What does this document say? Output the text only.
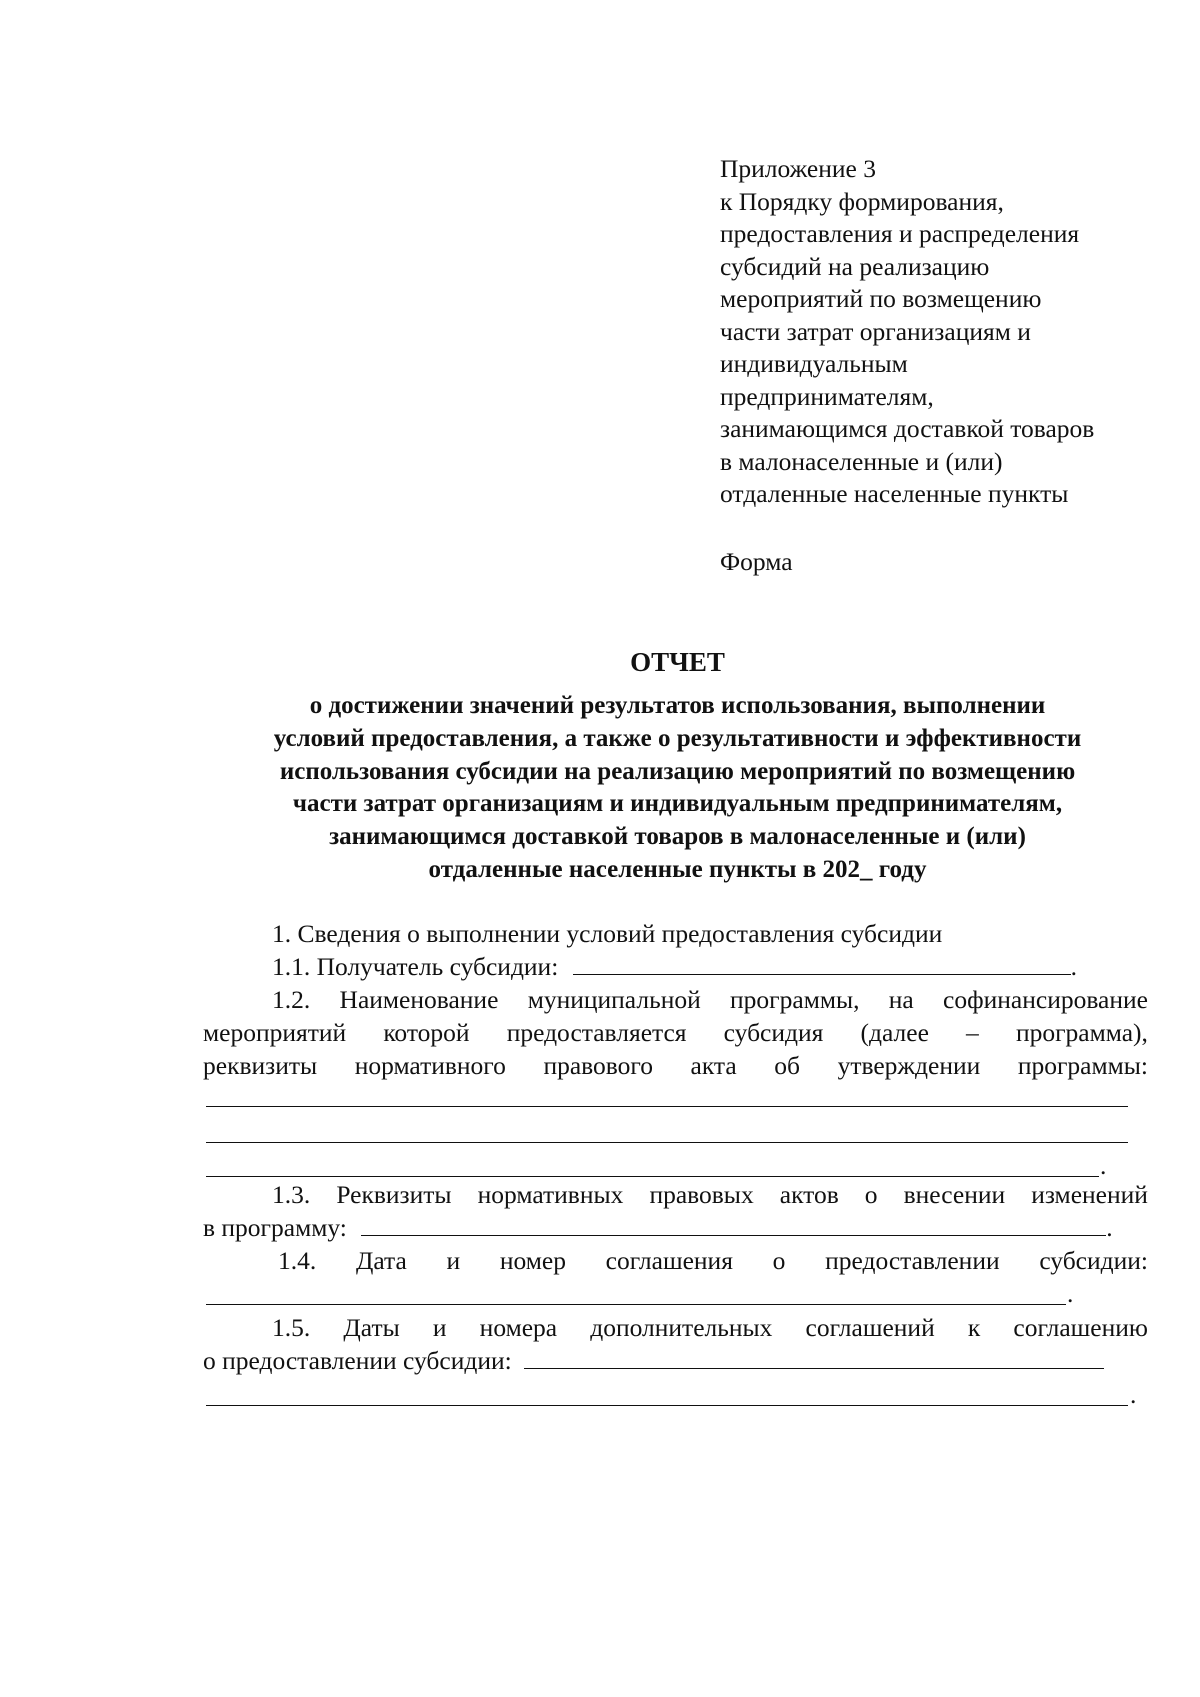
Приложение 3
к Порядку формирования,
предоставления и распределения
субсидий на реализацию
мероприятий по возмещению
части затрат организациям и
индивидуальным
предпринимателям,
занимающимся доставкой товаров
в малонаселенные и (или)
отдаленные населенные пункты
Форма
ОТЧЕТ
о достижении значений результатов использования, выполнении
условий предоставления, а также о результативности и эффективности
использования субсидии на реализацию мероприятий по возмещению
части затрат организациям и индивидуальным предпринимателям,
занимающимся доставкой товаров в малонаселенные и (или)
отдаленные населенные пункты в 202_ году
1. Сведения о выполнении условий предоставления субсидии
1.1. Получатель субсидии:	.
1.2. Наименование муниципальной программы, на софинансирование
мероприятий которой предоставляется субсидия (далее – программа),
реквизиты нормативного правового акта об утверждении программы:
.
1.3. Реквизиты нормативных правовых актов о внесении изменений
в программу:	.
1.4. Дата и номер соглашения о предоставлении субсидии:
.
1.5. Даты и номера дополнительных соглашений к соглашению
о предоставлении субсидии:
.
